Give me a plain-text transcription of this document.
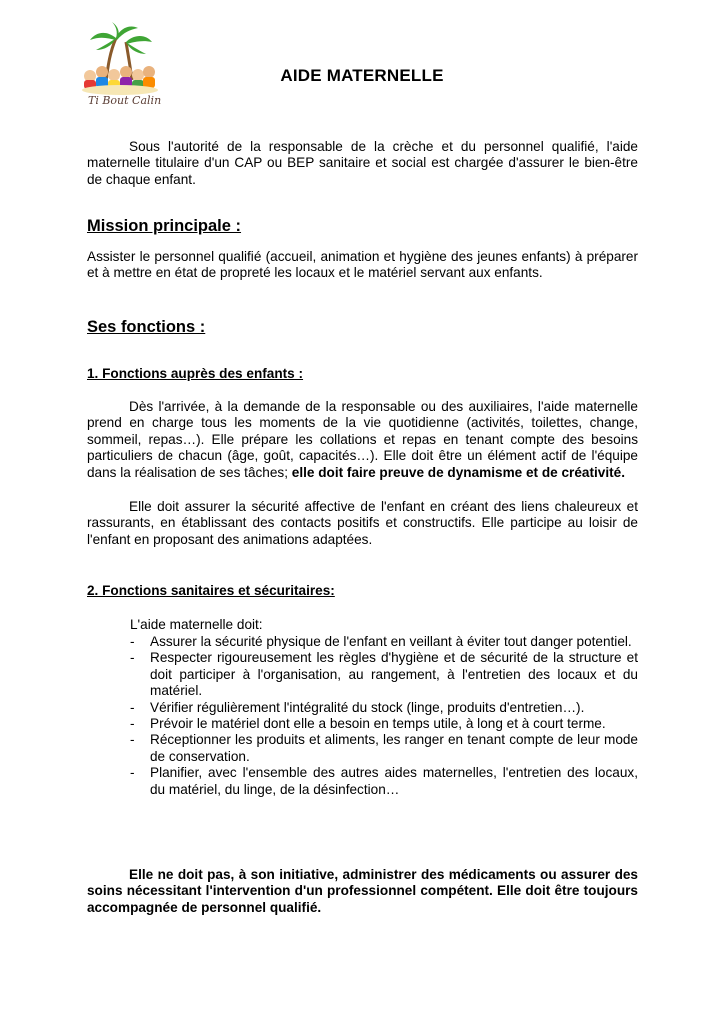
Ti Bout Calin
AIDE MATERNELLE

Sous l'autorité de la responsable de la crèche et du personnel qualifié, l'aide maternelle titulaire d'un CAP ou BEP sanitaire et social est chargée d'assurer le bien-être de chaque enfant.

Mission principale :

Assister le personnel qualifié (accueil, animation et hygiène des jeunes enfants) à préparer et à mettre en état de propreté les locaux et le matériel servant aux enfants.

Ses fonctions :
1. Fonctions auprès des enfants :

Dès l'arrivée, à la demande de la responsable ou des auxiliaires, l'aide maternelle prend en charge tous les moments de la vie quotidienne (activités, toilettes, change, sommeil, repas…). Elle prépare les collations et repas en tenant compte des besoins particuliers de chacun (âge, goût, capacités…). Elle doit être un élément actif de l'équipe dans la réalisation de ses tâches; elle doit faire preuve de dynamisme et de créativité.

Elle doit assurer la sécurité affective de l'enfant en créant des liens chaleureux et rassurants, en établissant des contacts positifs et constructifs. Elle participe au loisir de l'enfant en proposant des animations adaptées.

2. Fonctions sanitaires et sécuritaires:

L'aide maternelle doit:

- Assurer la sécurité physique de l'enfant en veillant à éviter tout danger potentiel.
- Respecter rigoureusement les règles d'hygiène et de sécurité de la structure et doit participer à l'organisation, au rangement, à l'entretien des locaux et du matériel.
- Vérifier régulièrement l'intégralité du stock (linge, produits d'entretien…).
- Prévoir le matériel dont elle a besoin en temps utile, à long et à court terme.
- Réceptionner les produits et aliments, les ranger en tenant compte de leur mode de conservation.
- Planifier, avec l'ensemble des autres aides maternelles, l'entretien des locaux, du matériel, du linge, de la désinfection…

Elle ne doit pas, à son initiative, administrer des médicaments ou assurer des soins nécessitant l'intervention d'un professionnel compétent. Elle doit être toujours accompagnée de personnel qualifié.
